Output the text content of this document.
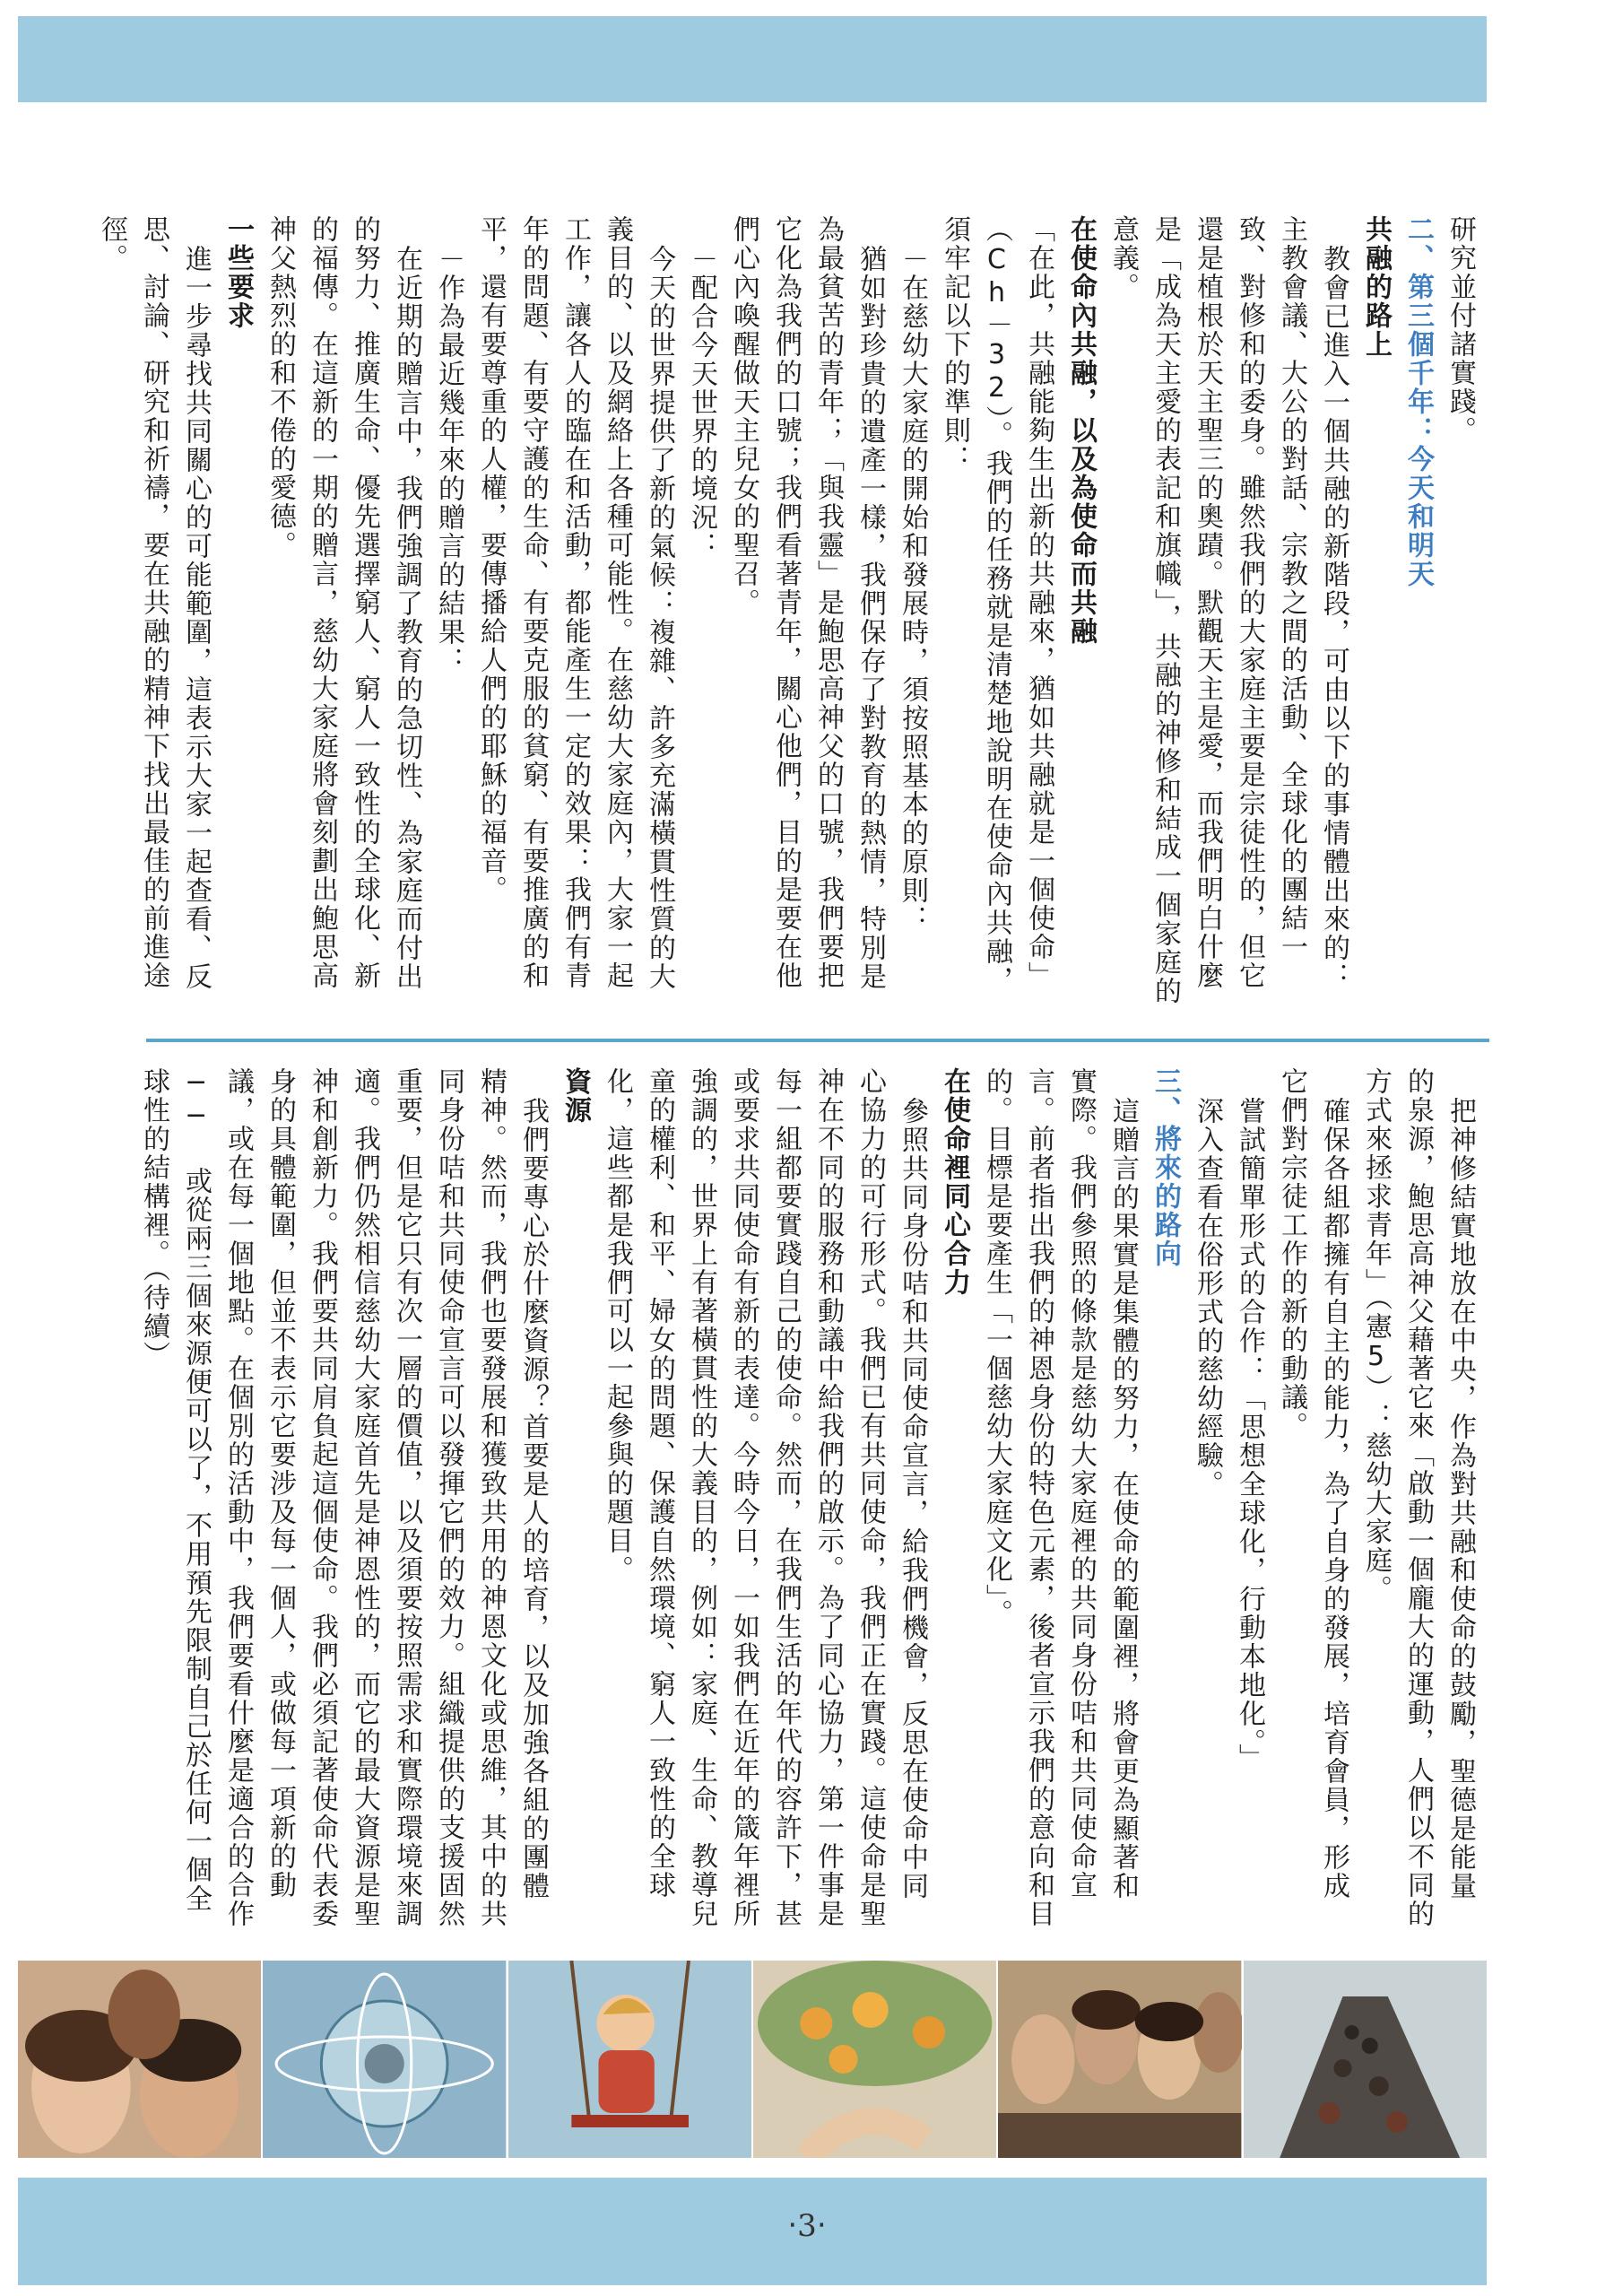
研究並付諸實踐。
二、第三個千年：今天和明天
共融的路上
教會已進入一個共融的新階段，可由以下的事情體出來的：主教會議、大公的對話、宗教之間的活動、全球化的團結一致、對修和的委身。雖然我們的大家庭主要是宗徒性的，但它還是植根於天主聖三的奧蹟。默觀天主是愛，而我們明白什麼是「成為天主愛的表記和旗幟」，共融的神修和結成一個家庭的意義。
在使命內共融，以及為使命而共融
「在此，共融能夠生出新的共融來，猶如共融就是一個使命」（Ch－32）。我們的任務就是清楚地說明在使命內共融，須牢記以下的準則：
－在慈幼大家庭的開始和發展時，須按照基本的原則：
猶如對珍貴的遺產一樣，我們保存了對教育的熱情，特別是為最貧苦的青年；「與我靈」是鮑思高神父的口號，我們要把它化為我們的口號；我們看著青年，關心他們，目的是要在他們心內喚醒做天主兒女的聖召。
－配合今天世界的境況：
今天的世界提供了新的氣候：複雜、許多充滿橫貫性質的大義目的、以及網絡上各種可能性。在慈幼大家庭內，大家一起工作，讓各人的臨在和活動，都能產生一定的效果：我們有青年的問題、有要守護的生命、有要克服的貧窮、有要推廣的和平，還有要尊重的人權，要傳播給人們的耶穌的福音。
－作為最近幾年來的贈言的結果：
在近期的贈言中，我們強調了教育的急切性、為家庭而付出的努力、推廣生命、優先選擇窮人、窮人一致性的全球化、新的福傳。在這新的一期的贈言，慈幼大家庭將會刻劃出鮑思高神父熱烈的和不倦的愛德。
一些要求
進一步尋找共同關心的可能範圍，這表示大家一起查看、反思、討論、研究和祈禱，要在共融的精神下找出最佳的前進途徑。
把神修結實地放在中央，作為對共融和使命的鼓勵，聖德是能量的泉源，鮑思高神父藉著它來「啟動一個龐大的運動，人們以不同的方式來拯求青年」（憲5）：慈幼大家庭。
確保各組都擁有自主的能力，為了自身的發展，培育會員，形成它們對宗徒工作的新的動議。
嘗試簡單形式的合作：「思想全球化，行動本地化。」
深入查看在俗形式的慈幼經驗。
三、將來的路向
這贈言的果實是集體的努力，在使命的範圍裡，將會更為顯著和實際。我們參照的條款是慈幼大家庭裡的共同身份咭和共同使命宣言。前者指出我們的神恩身份的特色元素，後者宣示我們的意向和目的。目標是要產生「一個慈幼大家庭文化」。
在使命裡同心合力
參照共同身份咭和共同使命宣言，給我們機會，反思在使命中同心協力的可行形式。我們已有共同使命，我們正在實踐。這使命是聖神在不同的服務和動議中給我們的啟示。為了同心協力，第一件事是每一組都要實踐自己的使命。然而，在我們生活的年代的容許下，甚或要求共同使命有新的表達。今時今日，一如我們在近年的箴年裡所強調的，世界上有著橫貫性的大義目的，例如：家庭、生命、教導兒童的權利、和平、婦女的問題、保護自然環境、窮人一致性的全球化，這些都是我們可以一起參與的題目。
資源
我們要專心於什麼資源？首要是人的培育，以及加強各組的團體精神。然而，我們也要發展和獲致共用的神恩文化或思維，其中的共同身份咭和共同使命宣言可以發揮它們的效力。組織提供的支援固然重要，但是它只有次一層的價值，以及須要按照需求和實際環境來調適。我們仍然相信慈幼大家庭首先是神恩性的，而它的最大資源是聖神和創新力。我們要共同肩負起這個使命。我們必須記著使命代表委身的具體範圍，但並不表示它要涉及每一個人，或做每一項新的動議，或在每一個地點。在個別的活動中，我們要看什麼是適合的合作 ── 或從兩三個來源便可以了，不用預先限制自己於任何一個全球性的結構裡。（待續）
‧3‧
